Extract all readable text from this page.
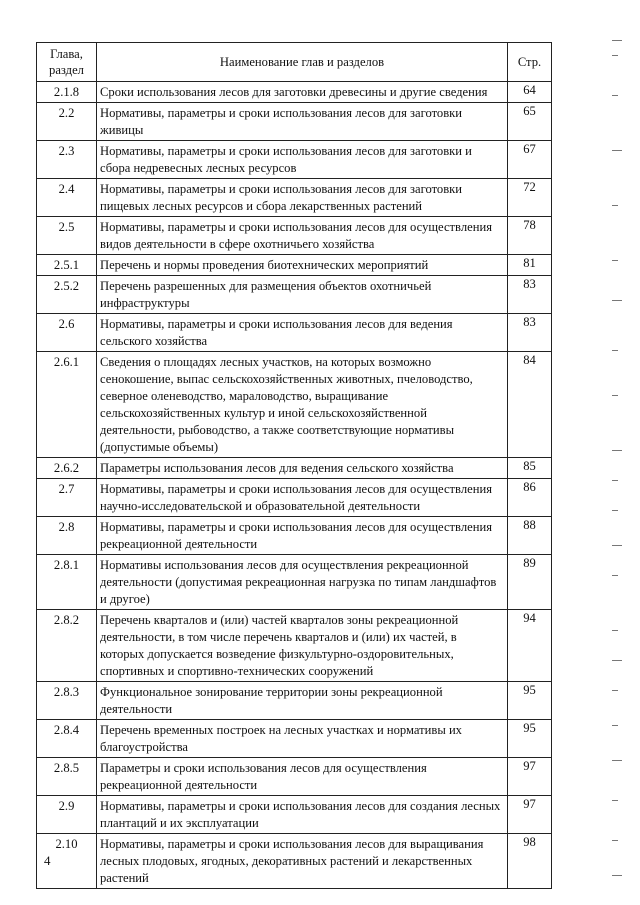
Глава, раздел	Наименование глав и разделов	Стр.
2.1.8	Сроки использования лесов для заготовки древесины и другие сведения	64
2.2	Нормативы, параметры и сроки использования лесов для заготовки живицы	65
2.3	Нормативы, параметры и сроки использования лесов для заготовки и сбора недревесных лесных ресурсов	67
2.4	Нормативы, параметры и сроки использования лесов для заготовки пищевых лесных ресурсов и сбора лекарственных растений	72
2.5	Нормативы, параметры и сроки использования лесов для осуществления видов деятельности в сфере охотничьего хозяйства	78
2.5.1	Перечень и нормы проведения биотехнических мероприятий	81
2.5.2	Перечень разрешенных для размещения объектов охотничьей инфраструктуры	83
2.6	Нормативы, параметры и сроки использования лесов для ведения сельского хозяйства	83
2.6.1	Сведения о площадях лесных участков, на которых возможно сенокошение, выпас сельскохозяйственных животных, пчеловодство, северное оленеводство, мараловодство, выращивание сельскохозяйственных культур и иной сельскохозяйственной деятельности, рыбоводство, а также соответствующие нормативы (допустимые объемы)	84
2.6.2	Параметры использования лесов для ведения сельского хозяйства	85
2.7	Нормативы, параметры и сроки использования лесов для осуществления научно-исследовательской и образовательной деятельности	86
2.8	Нормативы, параметры и сроки использования лесов для осуществления рекреационной деятельности	88
2.8.1	Нормативы использования лесов для осуществления рекреационной деятельности (допустимая рекреационная нагрузка по типам ландшафтов и другое)	89
2.8.2	Перечень кварталов и (или) частей кварталов зоны рекреационной деятельности, в том числе перечень кварталов и (или) их частей, в которых допускается возведение физкультурно-оздоровительных, спортивных и спортивно-технических сооружений	94
2.8.3	Функциональное зонирование территории зоны рекреационной деятельности	95
2.8.4	Перечень временных построек на лесных участках и нормативы их благоустройства	95
2.8.5	Параметры и сроки использования лесов для осуществления рекреационной деятельности	97
2.9	Нормативы, параметры и сроки использования лесов для создания лесных плантаций и их эксплуатации	97
2.10	Нормативы, параметры и сроки использования лесов для выращивания лесных плодовых, ягодных, декоративных растений и лекарственных растений	98
4
